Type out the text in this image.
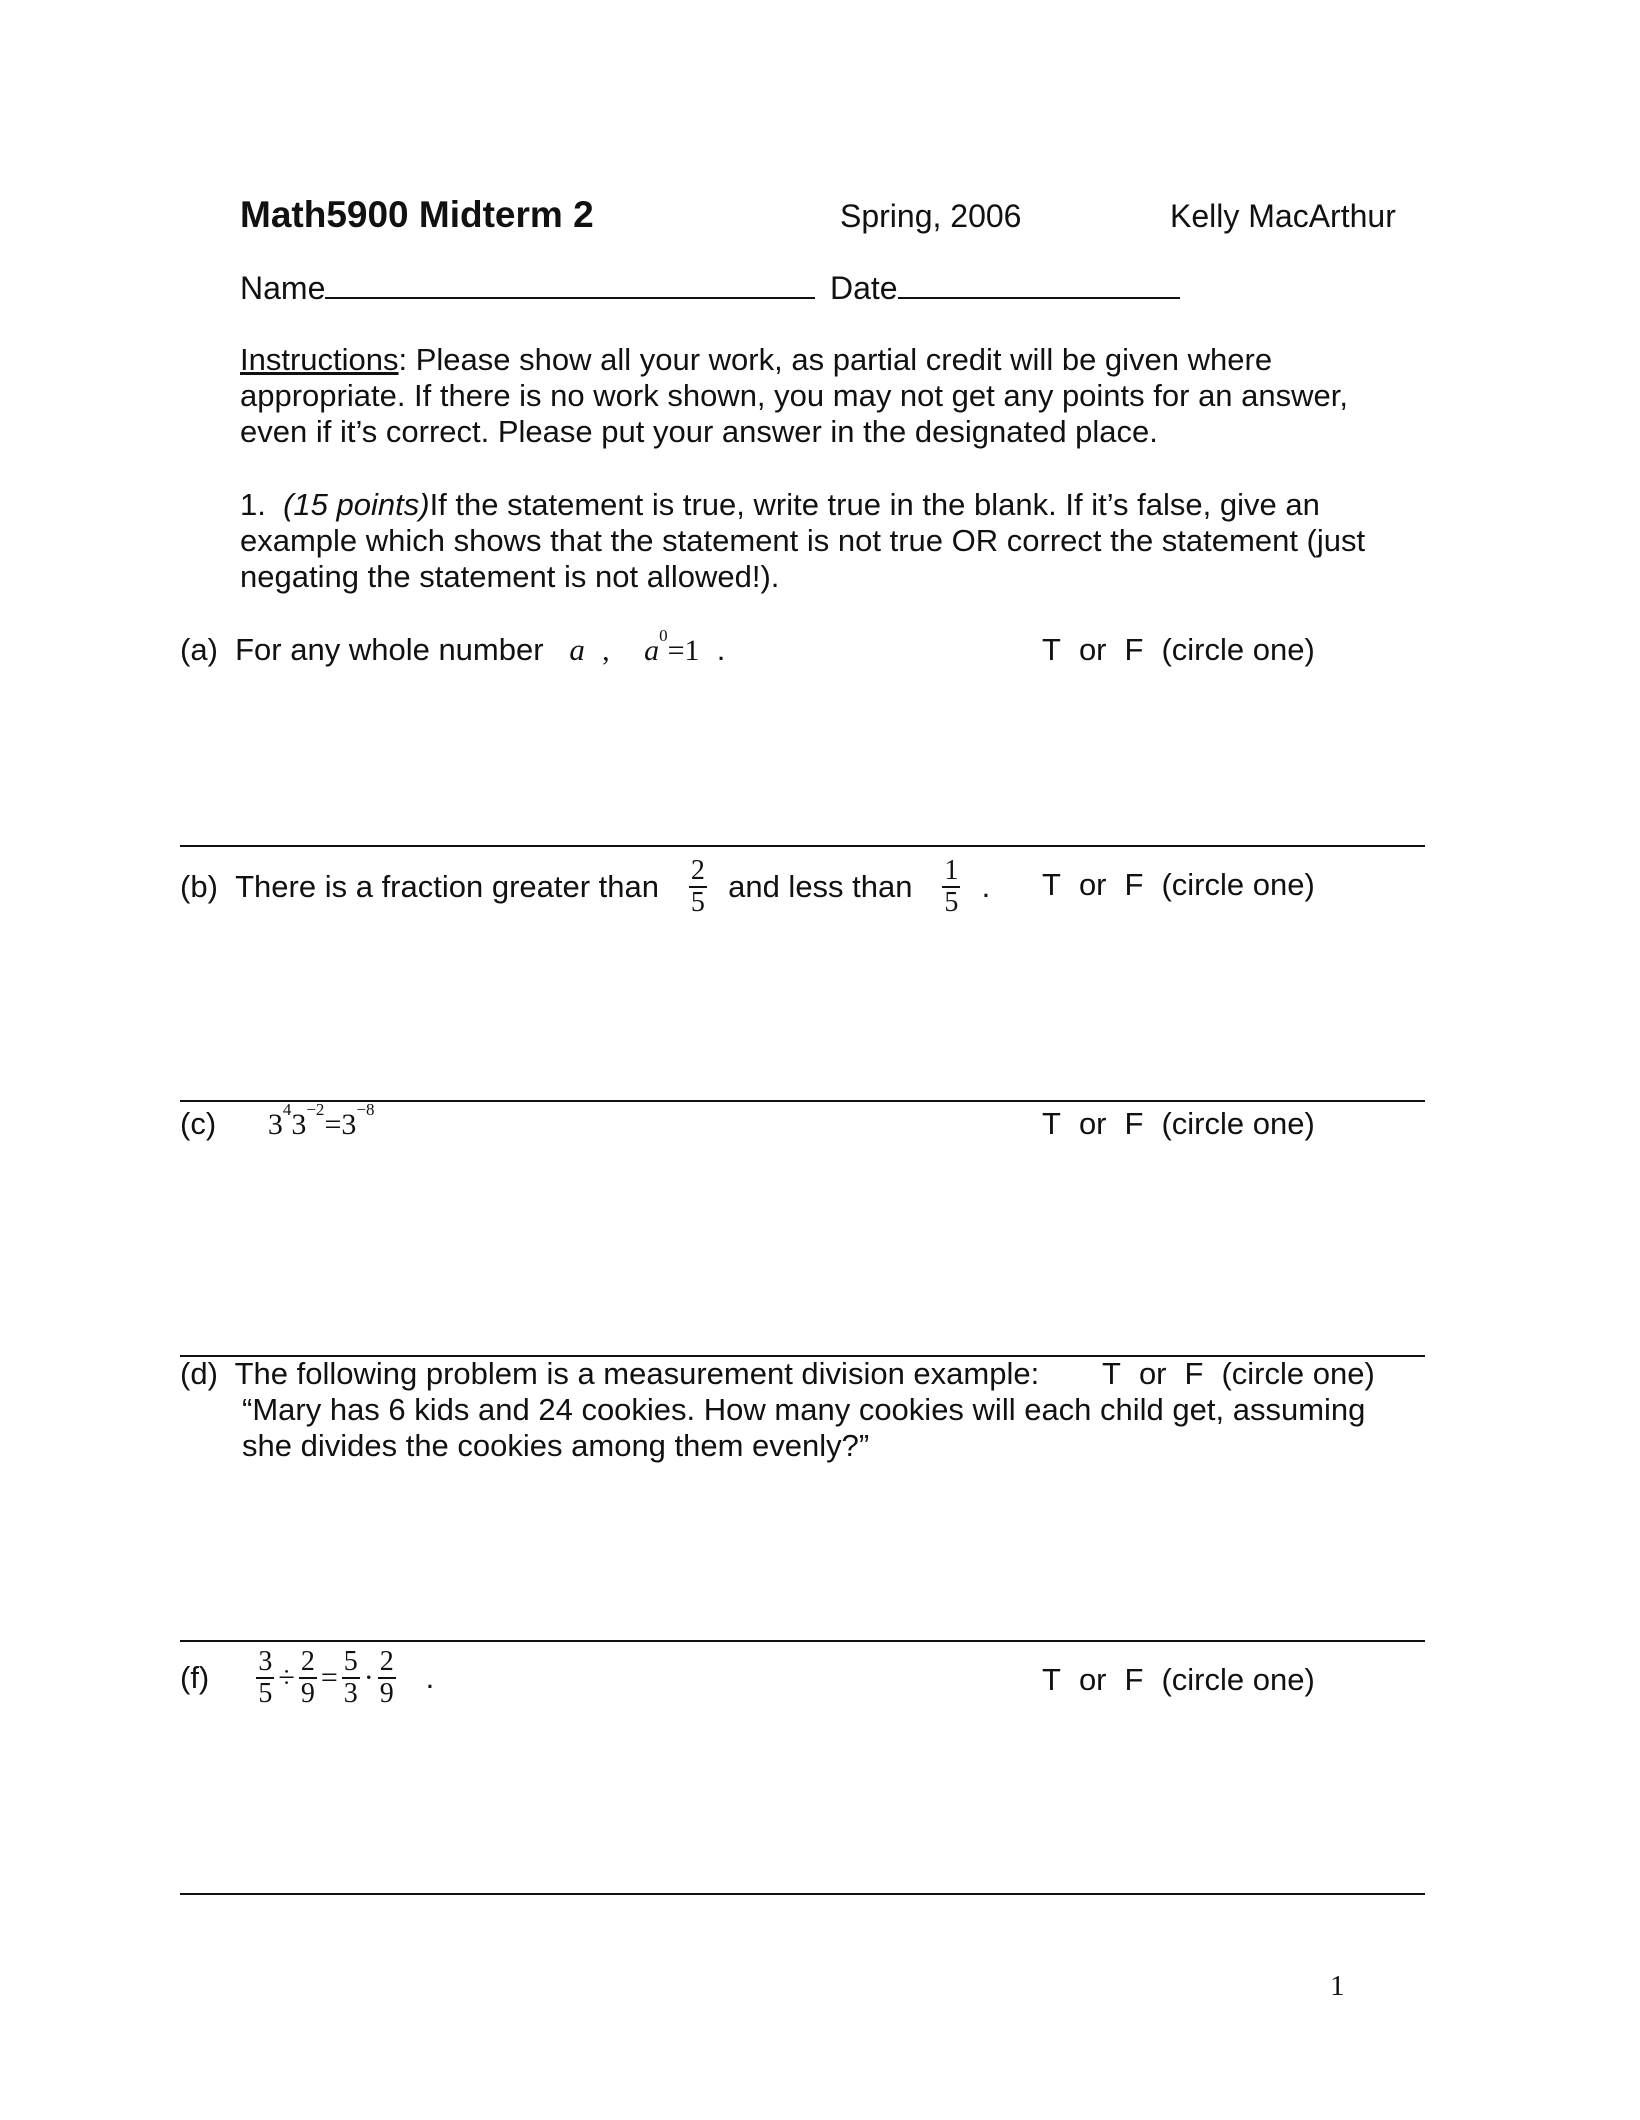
Math5900 Midterm 2	Spring, 2006	Kelly MacArthur
Name	Date

Instructions: Please show all your work, as partial credit will be given where

appropriate. If there is no work shown, you may not get any points for an answer,

even if it’s correct. Please put your answer in the designated place.

1. (15 points)If the statement is true, write true in the blank. If it’s false, give an

example which shows that the statement is not true OR correct the statement (just

negating the statement is not allowed!).

(a) For any whole number a , $a^0=1$ .	T or F (circle one)
(b)
There is a fraction greater than
$\frac{2}{5}$
and less than
$\frac{1}{5}$
. T or F (circle one)
(c) $3^43^{-2}=3^{-8}$	T or F (circle one)

(d) The following problem is a measurement division example:

“Mary has 6 kids and 24 cookies. How many cookies will each child get, assuming

she divides the cookies among them evenly?”

T or F (circle one)
(f)
$\frac{3}{5} \div \frac{2}{9} = \frac{5}{3} \cdot \frac{2}{9}$
.	T or F (circle one)
1
